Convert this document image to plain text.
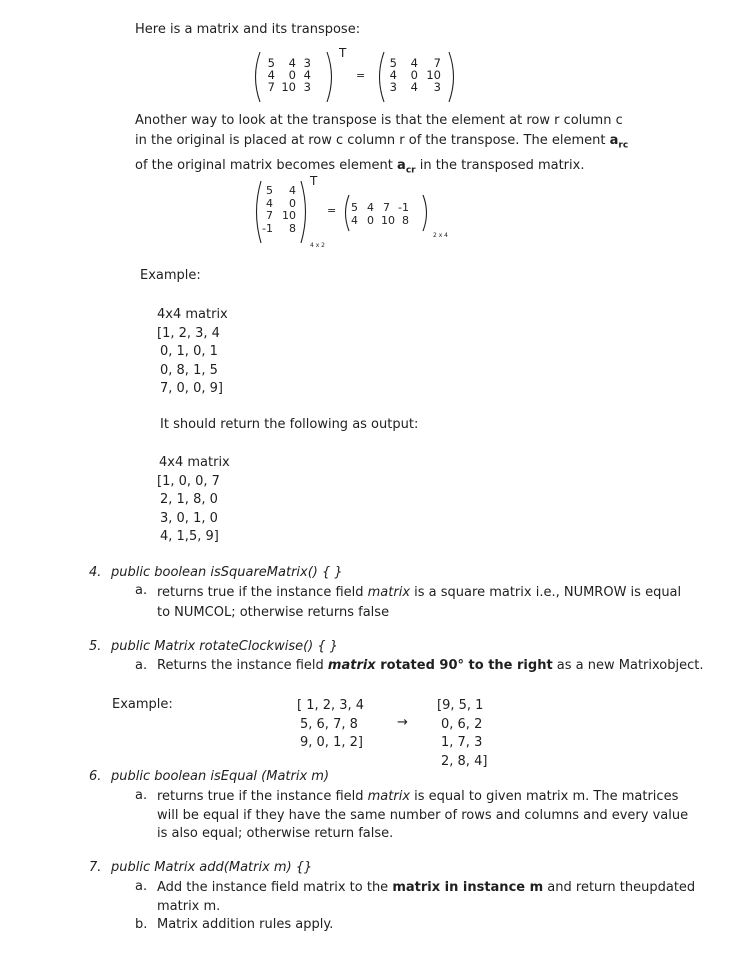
Here is a matrix and its transpose:
5	4 3
4	0 4
7 10 3
T
=
5	4	7
4	0 10
3	4	3
Another way to look at the transpose is that the element at row r column c
in the original is placed at row c column r of the transpose. The element $a_{rc}$
of the original matrix becomes element $a_{cr}$ in the transposed matrix.
5	4
4	0
7 10
-1	8
T
4 x 2
= 5 4 7 -1
4 0 10 8
2 x 4
Example:
4x4 matrix
[1, 2, 3, 4
0, 1, 0, 1
0, 8, 1, 5
7, 0, 0, 9]
It should return the following as output:
4x4 matrix
[1, 0, 0, 7
2, 1, 8, 0
3, 0, 1, 0
4, 1,5, 9]
4. public boolean isSquareMatrix() { }
a. returns true if the instance field matrix is a square matrix i.e., NUMROW is equal
to NUMCOL; otherwise returns false
5. public Matrix rotateClockwise() { }
a. Returns the instance field matrix rotated 90° to the right as a new Matrixobject.
Example:	[ 1, 2, 3, 4
5, 6, 7, 8
9, 0, 1, 2]
→
[9, 5, 1
0, 6, 2
1, 7, 3
2, 8, 4]
6. public boolean isEqual (Matrix m)
a. returns true if the instance field matrix is equal to given matrix m. The matrices
will be equal if they have the same number of rows and columns and every value
is also equal; otherwise return false.
7. public Matrix add(Matrix m) {}
a. Add the instance field matrix to the matrix in instance m and return theupdated
matrix m.
b. Matrix addition rules apply.
